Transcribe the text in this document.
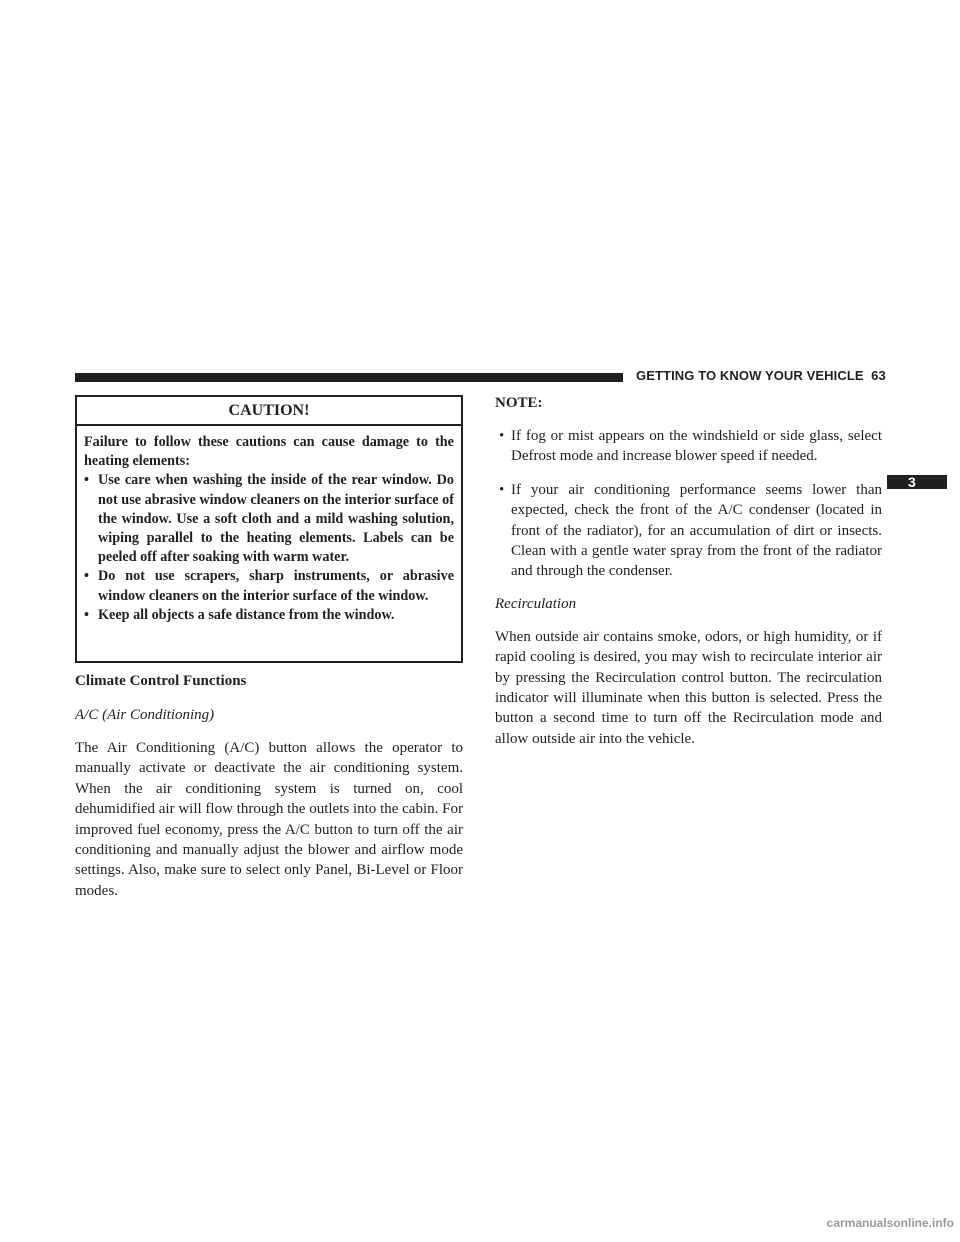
GETTING TO KNOW YOUR VEHICLE 63
3
CAUTION!

Failure to follow these cautions can cause damage to the heating elements:

• Use care when washing the inside of the rear window. Do not use abrasive window cleaners on the interior surface of the window. Use a soft cloth and a mild washing solution, wiping parallel to the heating elements. Labels can be peeled off after soaking with warm water.
• Do not use scrapers, sharp instruments, or abrasive window cleaners on the interior surface of the window.
• Keep all objects a safe distance from the window.

Climate Control Functions

A/C (Air Conditioning)

The Air Conditioning (A/C) button allows the operator to manually activate or deactivate the air conditioning system. When the air conditioning system is turned on, cool dehumidified air will flow through the outlets into the cabin. For improved fuel economy, press the A/C button to turn off the air conditioning and manually adjust the blower and airflow mode settings. Also, make sure to select only Panel, Bi-Level or Floor modes.

NOTE:

• If fog or mist appears on the windshield or side glass, select Defrost mode and increase blower speed if needed.
• If your air conditioning performance seems lower than expected, check the front of the A/C condenser (located in front of the radiator), for an accumulation of dirt or insects. Clean with a gentle water spray from the front of the radiator and through the condenser.

Recirculation

When outside air contains smoke, odors, or high humidity, or if rapid cooling is desired, you may wish to recirculate interior air by pressing the Recirculation control button. The recirculation indicator will illuminate when this button is selected. Press the button a second time to turn off the Recirculation mode and allow outside air into the vehicle.

carmanualsonline.info
